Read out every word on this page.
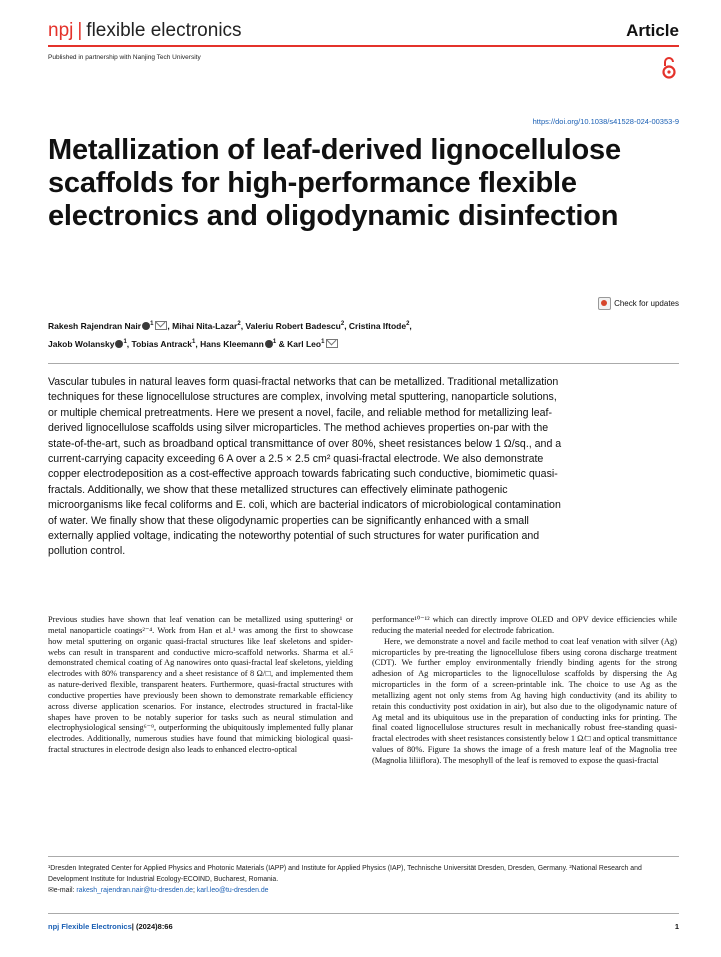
npj | flexible electronics	Article
Published in partnership with Nanjing Tech University
https://doi.org/10.1038/s41528-024-00353-9
Metallization of leaf-derived lignocellulose scaffolds for high-performance flexible electronics and oligodynamic disinfection
Check for updates
Rakesh Rajendran Nair $^1$ , Mihai Nita-Lazar$^2$, Valeriu Robert Badescu$^2$, Cristina Iftode$^2$,
Jakob Wolansky $^1$, Tobias Antrack$^1$, Hans Kleemann $^1$ & Karl Leo$^1$
Vascular tubules in natural leaves form quasi-fractal networks that can be metallized. Traditional metallization techniques for these lignocellulose structures are complex, involving metal sputtering, nanoparticle solutions, or multiple chemical pretreatments. Here we present a novel, facile, and reliable method for metallizing leaf-derived lignocellulose scaffolds using silver microparticles. The method achieves properties on-par with the state-of-the-art, such as broadband optical transmittance of over 80%, sheet resistances below 1 Ω/sq., and a current-carrying capacity exceeding 6 A over a 2.5 × 2.5 cm² quasi-fractal electrode. We also demonstrate copper electrodeposition as a cost-effective approach towards fabricating such conductive, biomimetic quasi-fractals. Additionally, we show that these metallized structures can effectively eliminate pathogenic microorganisms like fecal coliforms and E. coli, which are bacterial indicators of microbiological contamination of water. We finally show that these oligodynamic properties can be significantly enhanced with a small externally applied voltage, indicating the noteworthy potential of such structures for water purification and pollution control.

Previous studies have shown that leaf venation can be metallized using sputtering¹ or metal nanoparticle coatings²⁻⁴. Work from Han et al.¹ was among the first to showcase how metal sputtering on organic quasi-fractal structures like leaf skeletons and spider-webs can result in transparent and conductive micro-scaffold networks. Sharma et al.⁵ demonstrated chemical coating of Ag nanowires onto quasi-fractal leaf skeletons, yielding electrodes with 80% transparency and a sheet resistance of 8 Ω/□, and implemented them as nature-derived flexible, transparent heaters. Furthermore, quasi-fractal structures with conductive properties have previously been shown to demonstrate remarkable efficiency across diverse application scenarios. For instance, electrodes structured in fractal-like shapes have proven to be notably superior for tasks such as neural stimulation and electrophysiological sensing⁶⁻⁹, outperforming the ubiquitously implemented fully planar electrodes. Additionally, numerous studies have found that mimicking biological quasi-fractal structures in electrode design also leads to enhanced electro-optical

performance¹⁰⁻¹² which can directly improve OLED and OPV device efficiencies while reducing the material needed for electrode fabrication.

Here, we demonstrate a novel and facile method to coat leaf venation with silver (Ag) microparticles by pre-treating the lignocellulose fibers using corona discharge treatment (CDT). We further employ environmentally friendly binding agents for the strong adhesion of Ag microparticles to the lignocellulose scaffolds by dispersing the Ag microparticles in the form of a screen-printable ink. The choice to use Ag as the metallizing agent not only stems from Ag having high conductivity (and its ability to retain this conductivity post oxidation in air), but also due to the oligodynamic nature of Ag metal and its ubiquitous use in the preparation of conducting inks for printing. The final coated lignocellulose structures result in mechanically robust free-standing quasi-fractal electrodes with sheet resistances consistently below 1 Ω/□ and optical transmittance values of 80%. Figure 1a shows the image of a fresh mature leaf of the Magnolia tree (Magnolia liliiflora). The mesophyll of the leaf is removed to expose the quasi-fractal

¹Dresden Integrated Center for Applied Physics and Photonic Materials (IAPP) and Institute for Applied Physics (IAP), Technische Universität Dresden, Dresden, Germany. ²National Research and Development Institute for Industrial Ecology-ECOIND, Bucharest, Romania.
✉e-mail: rakesh_rajendran.nair@tu-dresden.de; karl.leo@tu-dresden.de
npj Flexible Electronics| (2024)8:66	1
